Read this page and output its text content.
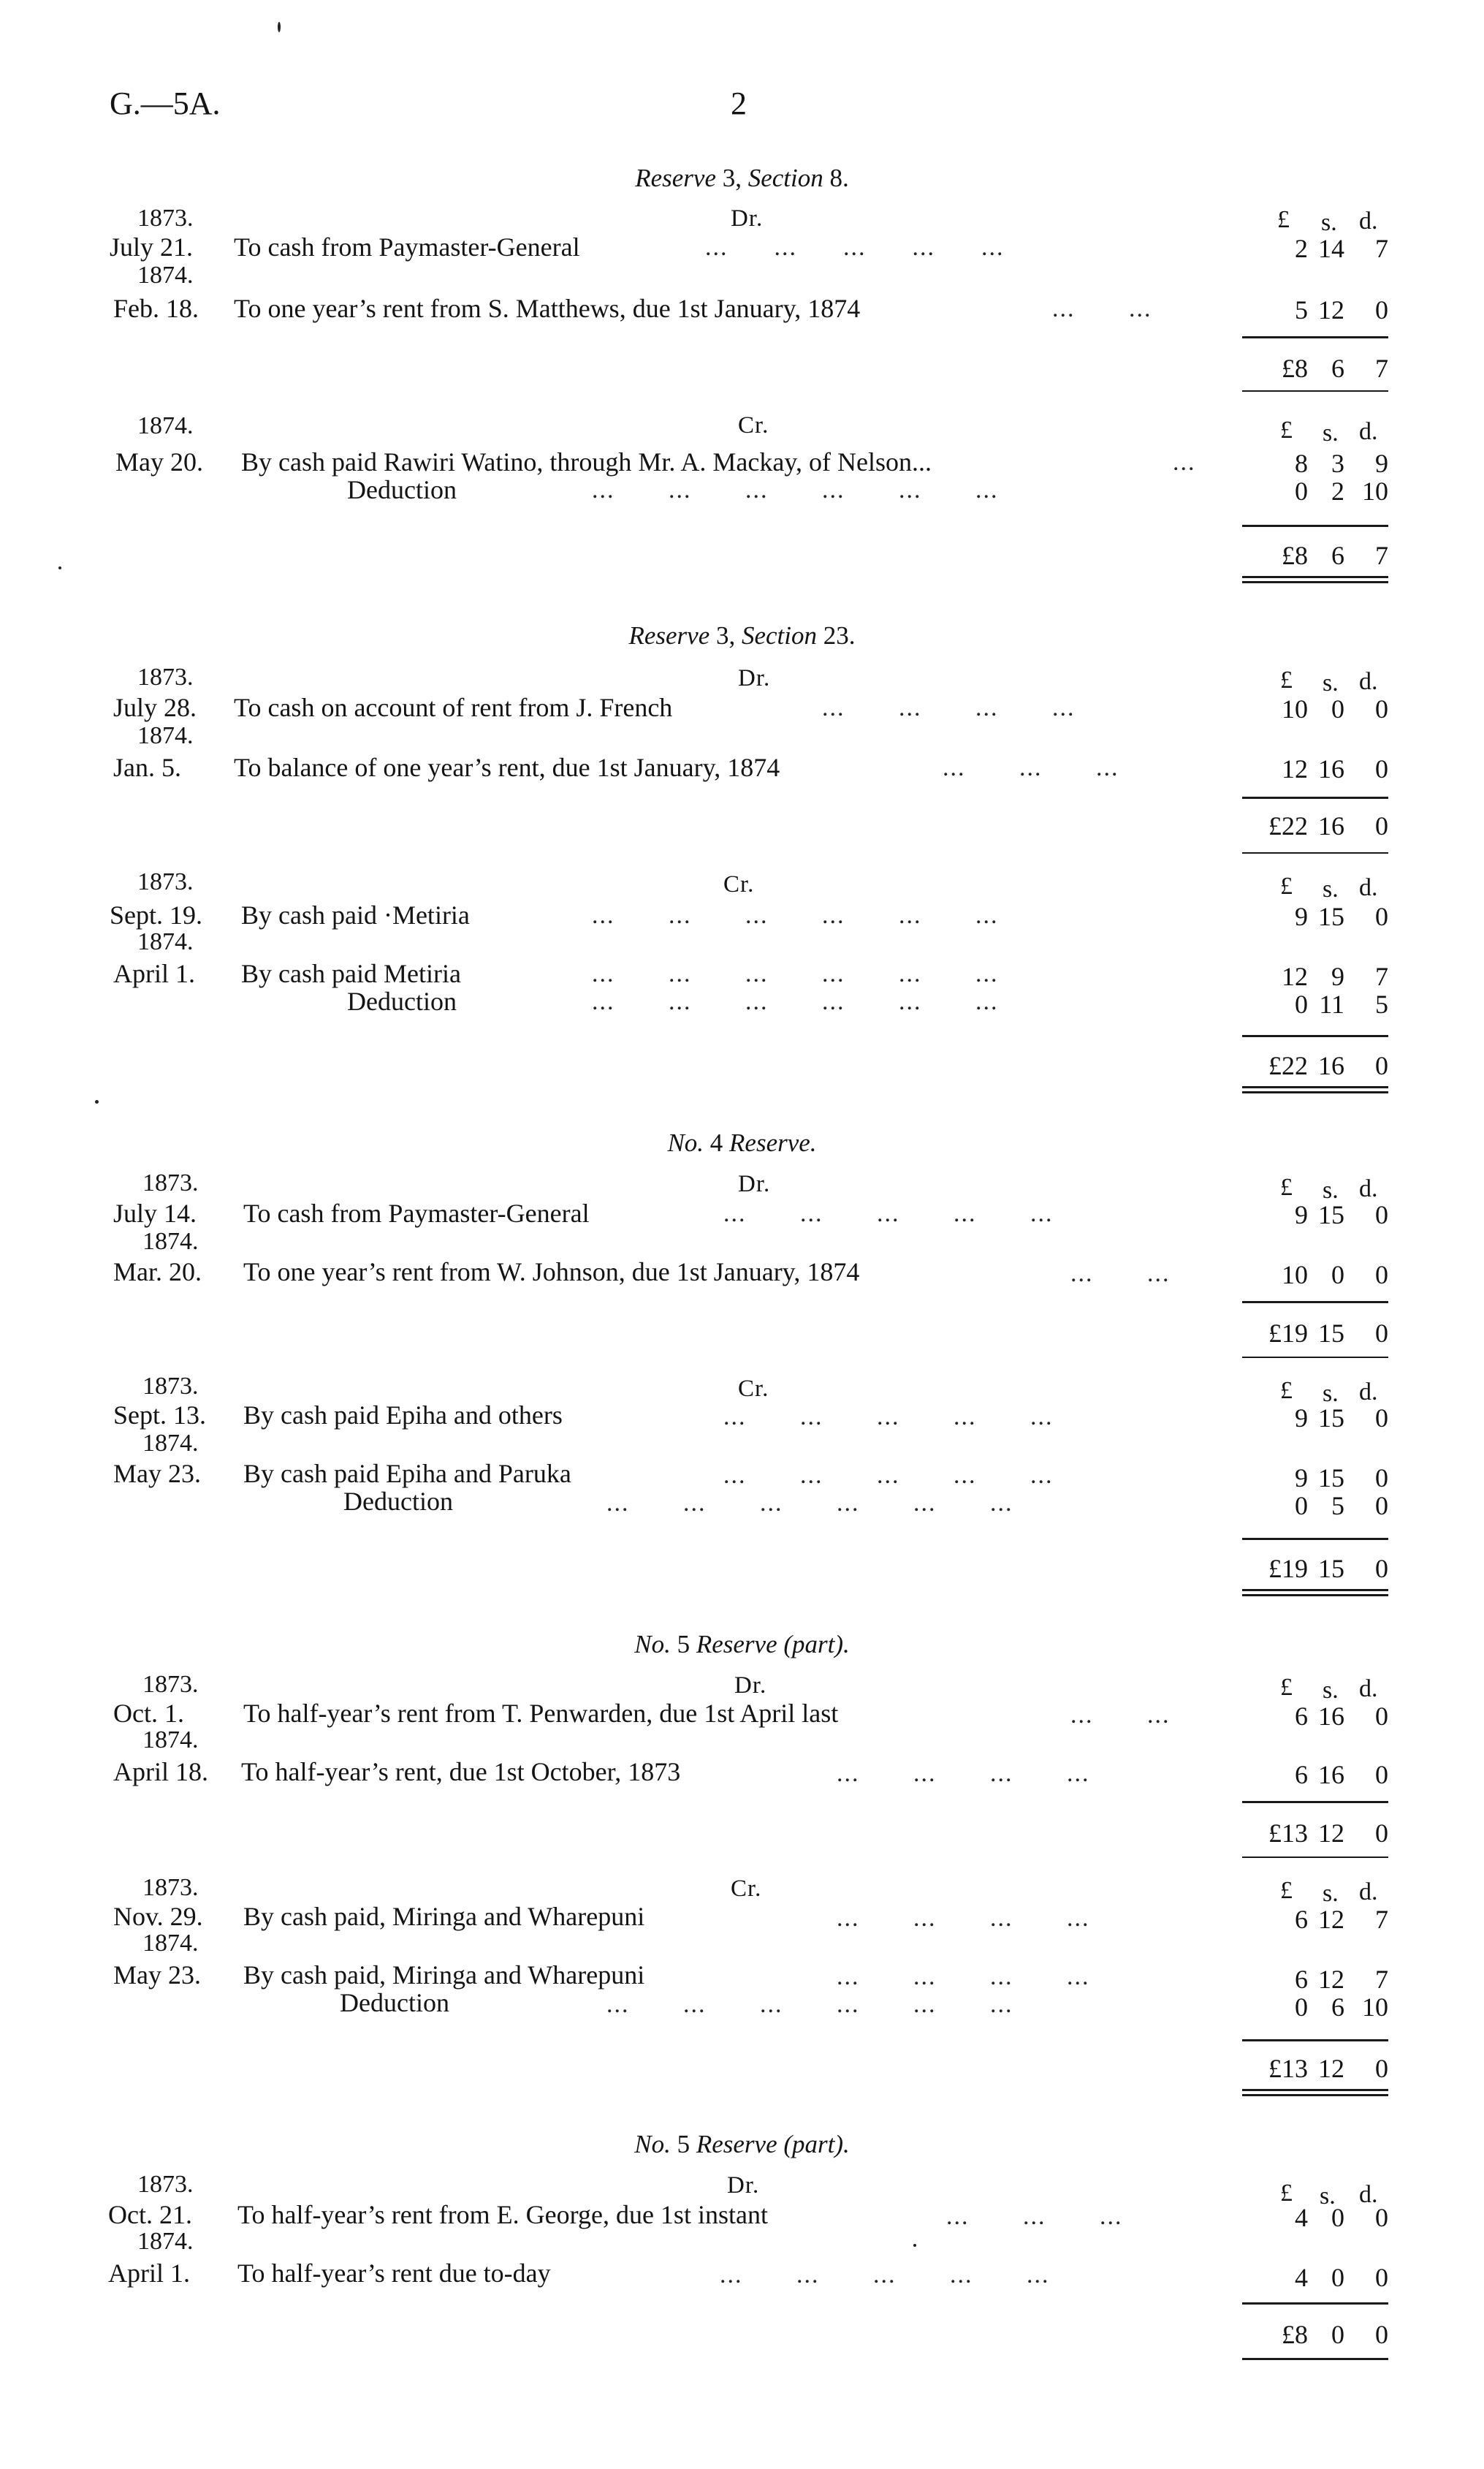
G.—5A.	2
Reserve 3, Section 8.
1873.	Dr.	£ s. d.
July 21. To cash from Paymaster-General	...      ...      ...      ...      ...	2 14	7
1874.
Feb. 18. To one year’s rent from S. Matthews, due 1st January, 1874	...       ...	5 12	0
£8 6	7
1874.	Cr.	£ s. d.
May 20. By cash paid Rawiri Watino, through Mr. A. Mackay, of Nelson...	...	8 3	9
Deduction	...       ...       ...       ...       ...       ...	0 2 10
£8 6	7
Reserve 3, Section 23.
1873.	Dr.	£ s. d.
July 28. To cash on account of rent from J. French	...       ...       ...       ...	10 0	0
1874.
Jan. 5. To balance of one year’s rent, due 1st January, 1874	...       ...       ...	12 16	0
£22 16	0
1873.	Cr.	£ s. d.
Sept. 19. By cash paid ·Metiria	...       ...       ...       ...       ...       ...	9 15	0
1874.
April 1. By cash paid Metiria	...       ...       ...       ...       ...       ...	12 9	7
Deduction	...       ...       ...       ...       ...       ...	0 11	5
£22 16	0
No. 4 Reserve.
1873.	Dr.	£ s. d.
July 14. To cash from Paymaster-General	...       ...       ...       ...       ...	9 15	0
1874.
Mar. 20. To one year’s rent from W. Johnson, due 1st January, 1874	...       ...	10 0	0
£19 15	0
1873.	Cr.	£ s. d.
Sept. 13. By cash paid Epiha and others	...       ...       ...       ...       ...	9 15	0
1874.
May 23. By cash paid Epiha and Paruka	...       ...       ...       ...       ...	9 15	0
Deduction	...       ...       ...       ...       ...       ...	0 5	0
£19 15	0
No. 5 Reserve (part).
1873.	Dr.	£ s. d.
Oct. 1. To half-year’s rent from T. Penwarden, due 1st April last	...       ...	6 16	0
1874.
April 18. To half-year’s rent, due 1st October, 1873	...       ...       ...       ...	6 16	0
£13 12	0
1873.	Cr.	£ s. d.
Nov. 29. By cash paid, Miringa and Wharepuni	...       ...       ...       ...	6 12	7
1874.
May 23. By cash paid, Miringa and Wharepuni	...       ...       ...       ...	6 12	7
Deduction	...       ...       ...       ...       ...       ...	0 6 10
£13 12	0
No. 5 Reserve (part).
1873.	Dr.	£ s. d.
Oct. 21. To half-year’s rent from E. George, due 1st instant	...       ...       ...	4 0	0
1874.
April 1. To half-year’s rent due to-day	...       ...       ...       ...       ...	4 0	0
£8 0	0
